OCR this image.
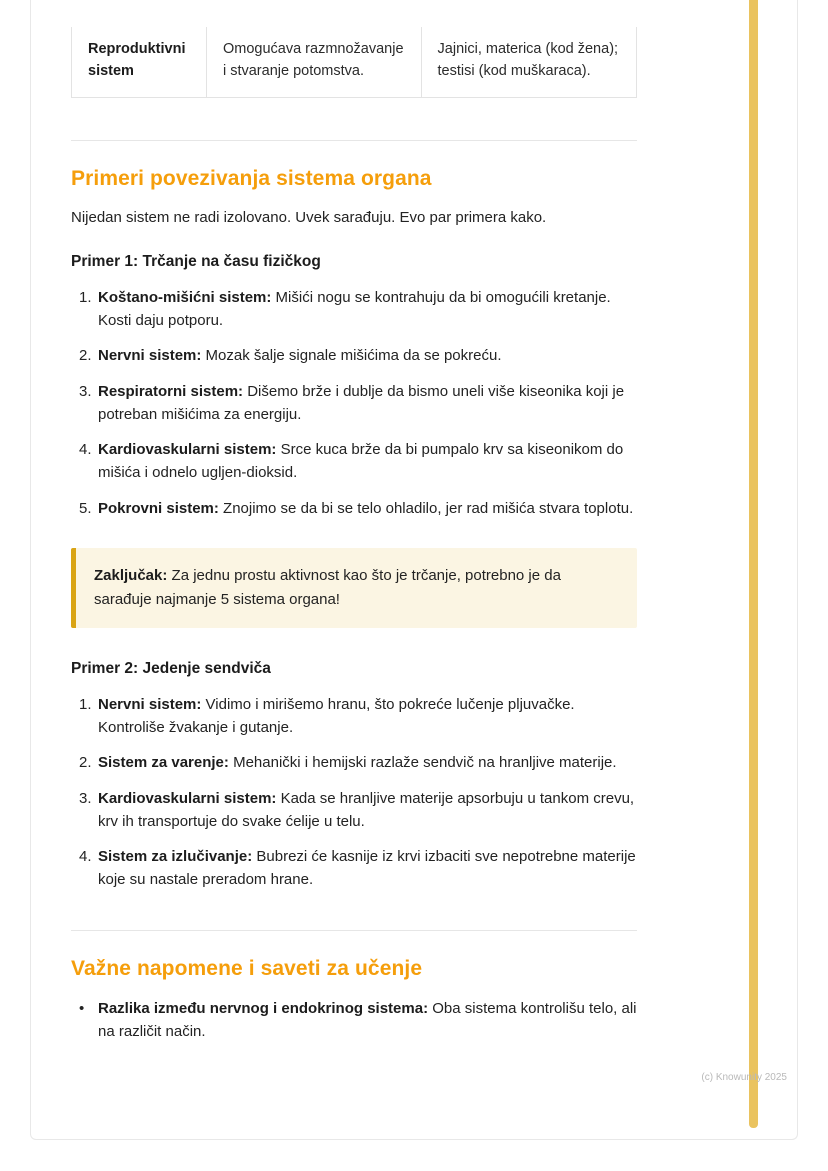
Reproduktivni sistem	Omogućava razmnožavanje i stvaranje potomstva.	Jajnici, materica (kod žena); testisi (kod muškaraca).
Primeri povezivanja sistema organa

Nijedan sistem ne radi izolovano. Uvek sarađuju. Evo par primera kako.

Primer 1: Trčanje na času fizičkog
1. Koštano-mišićni sistem: Mišići nogu se kontrahuju da bi omogućili kretanje. Kosti daju potporu.
2. Nervni sistem: Mozak šalje signale mišićima da se pokreću.
3. Respiratorni sistem: Dišemo brže i dublje da bismo uneli više kiseonika koji je potreban mišićima za energiju.
4. Kardiovaskularni sistem: Srce kuca brže da bi pumpalo krv sa kiseonikom do mišića i odnelo ugljen-dioksid.
5. Pokrovni sistem: Znojimo se da bi se telo ohladilo, jer rad mišića stvara toplotu.
Zaključak: Za jednu prostu aktivnost kao što je trčanje, potrebno je da sarađuje najmanje 5 sistema organa!
Primer 2: Jedenje sendviča
1. Nervni sistem: Vidimo i mirišemo hranu, što pokreće lučenje pljuvačke. Kontroliše žvakanje i gutanje.
2. Sistem za varenje: Mehanički i hemijski razlaže sendvič na hranljive materije.
3. Kardiovaskularni sistem: Kada se hranljive materije apsorbuju u tankom crevu, krv ih transportuje do svake ćelije u telu.
4. Sistem za izlučivanje: Bubrezi će kasnije iz krvi izbaciti sve nepotrebne materije koje su nastale preradom hrane.
Važne napomene i saveti za učenje
• Razlika između nervnog i endokrinog sistema: Oba sistema kontrolišu telo, ali na različit način.
(c) Knowunity 2025
